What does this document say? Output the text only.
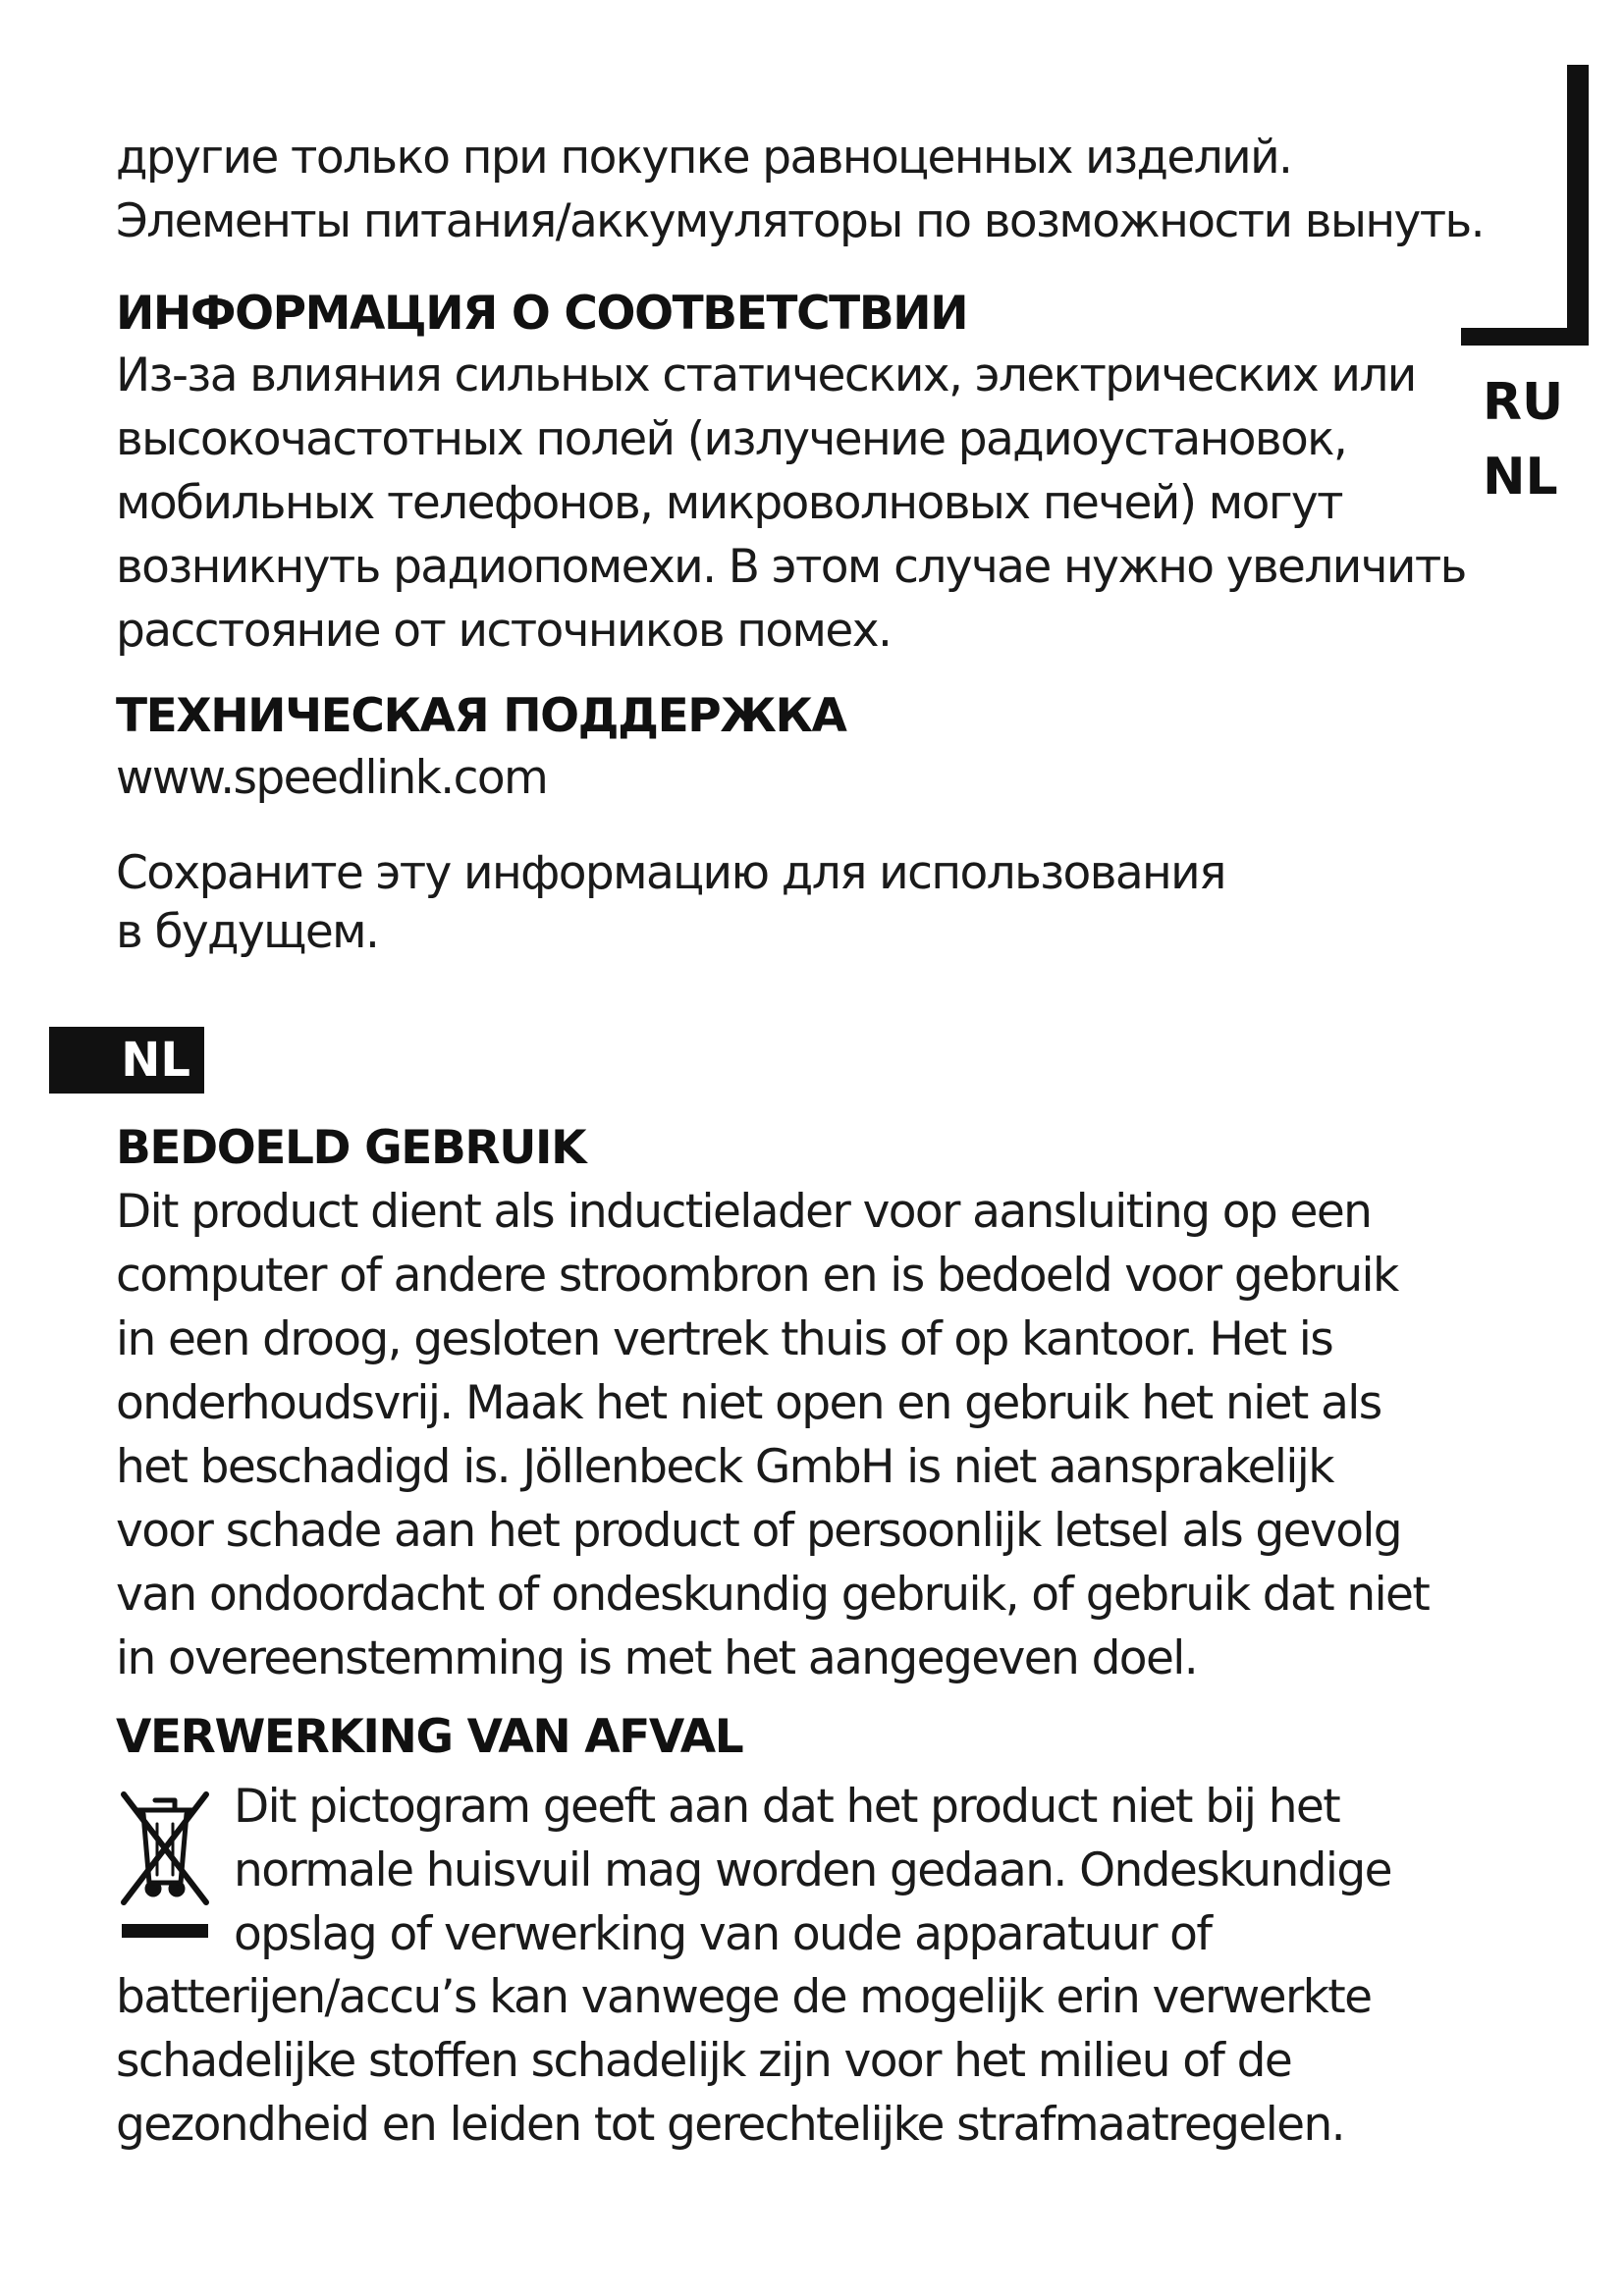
RU
NL

другие только при покупке равноценных изделий.
Элементы питания/аккумуляторы по возможности вынуть.

ИНФОРМАЦИЯ О СООТВЕТСТВИИ

Из-за влияния сильных статических, электрических или
высокочастотных полей (излучение радиоустановок,
мобильных телефонов, микроволновых печей) могут
возникнуть радиопомехи. В этом случае нужно увеличить
расстояние от источников помех.

ТЕХНИЧЕСКАЯ ПОДДЕРЖКА

www.speedlink.com

Сохраните эту информацию для использования
в будущем.

BEDOELD GEBRUIK

Dit product dient als inductielader voor aansluiting op een
computer of andere stroombron en is bedoeld voor gebruik
in een droog, gesloten vertrek thuis of op kantoor. Het is
onderhoudsvrij. Maak het niet open en gebruik het niet als
het beschadigd is. Jöllenbeck GmbH is niet aansprakelijk
voor schade aan het product of persoonlijk letsel als gevolg
van ondoordacht of ondeskundig gebruik, of gebruik dat niet
in overeenstemming is met het aangegeven doel.

VERWERKING VAN AFVAL

Dit pictogram geeft aan dat het product niet bij het
normale huisvuil mag worden gedaan. Ondeskundige
opslag of verwerking van oude apparatuur of

batterijen/accu’s kan vanwege de mogelijk erin verwerkte
schadelijke stoffen schadelijk zijn voor het milieu of de
gezondheid en leiden tot gerechtelijke strafmaatregelen.

NL
